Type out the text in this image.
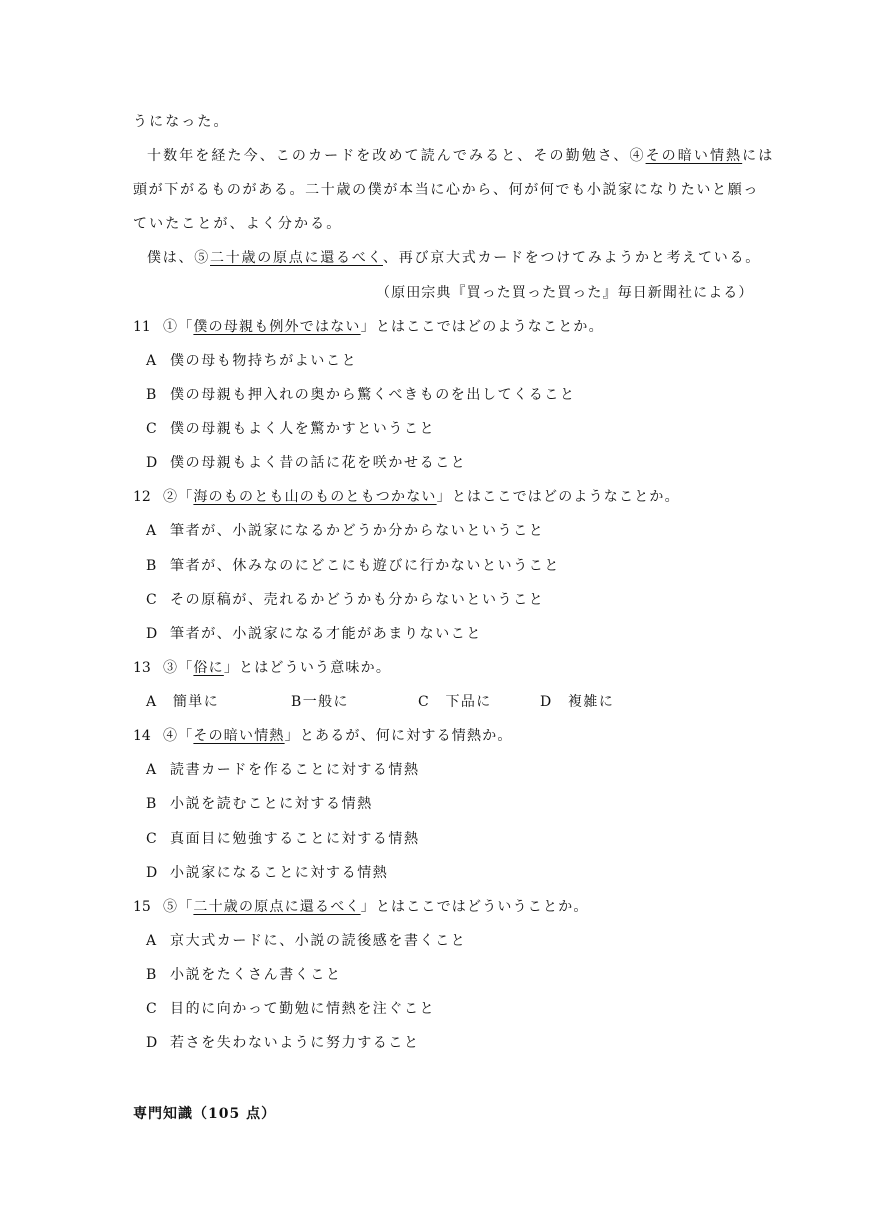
うになった。
十数年を経た今、このカードを改めて読んでみると、その勤勉さ、④その暗い情熱には
頭が下がるものがある。二十歳の僕が本当に心から、何が何でも小説家になりたいと願っ
ていたことが、よく分かる。
僕は、⑤二十歳の原点に還るべく、再び京大式カードをつけてみようかと考えている。
（原田宗典『買った買った買った』毎日新聞社による）
11 ①「僕の母親も例外ではない」とはここではどのようなことか。
A 僕の母も物持ちがよいこと
B 僕の母親も押入れの奥から驚くべきものを出してくること
C 僕の母親もよく人を驚かすということ
D 僕の母親もよく昔の話に花を咲かせること
12 ②「海のものとも山のものともつかない」とはここではどのようなことか。
A 筆者が、小説家になるかどうか分からないということ
B 筆者が、休みなのにどこにも遊びに行かないということ
C その原稿が、売れるかどうかも分からないということ
D 筆者が、小説家になる才能があまりないこと
13 ③「俗に」とはどういう意味か。
A　簡単に	B一般に	C　下品に	D　複雑に
14 ④「その暗い情熱」とあるが、何に対する情熱か。
A 読書カードを作ることに対する情熱
B 小説を読むことに対する情熱
C 真面目に勉強することに対する情熱
D 小説家になることに対する情熱
15 ⑤「二十歳の原点に還るべく」とはここではどういうことか。
A 京大式カードに、小説の読後感を書くこと
B 小説をたくさん書くこと
C 目的に向かって勤勉に情熱を注ぐこと
D 若さを失わないように努力すること
専門知識（105 点）
